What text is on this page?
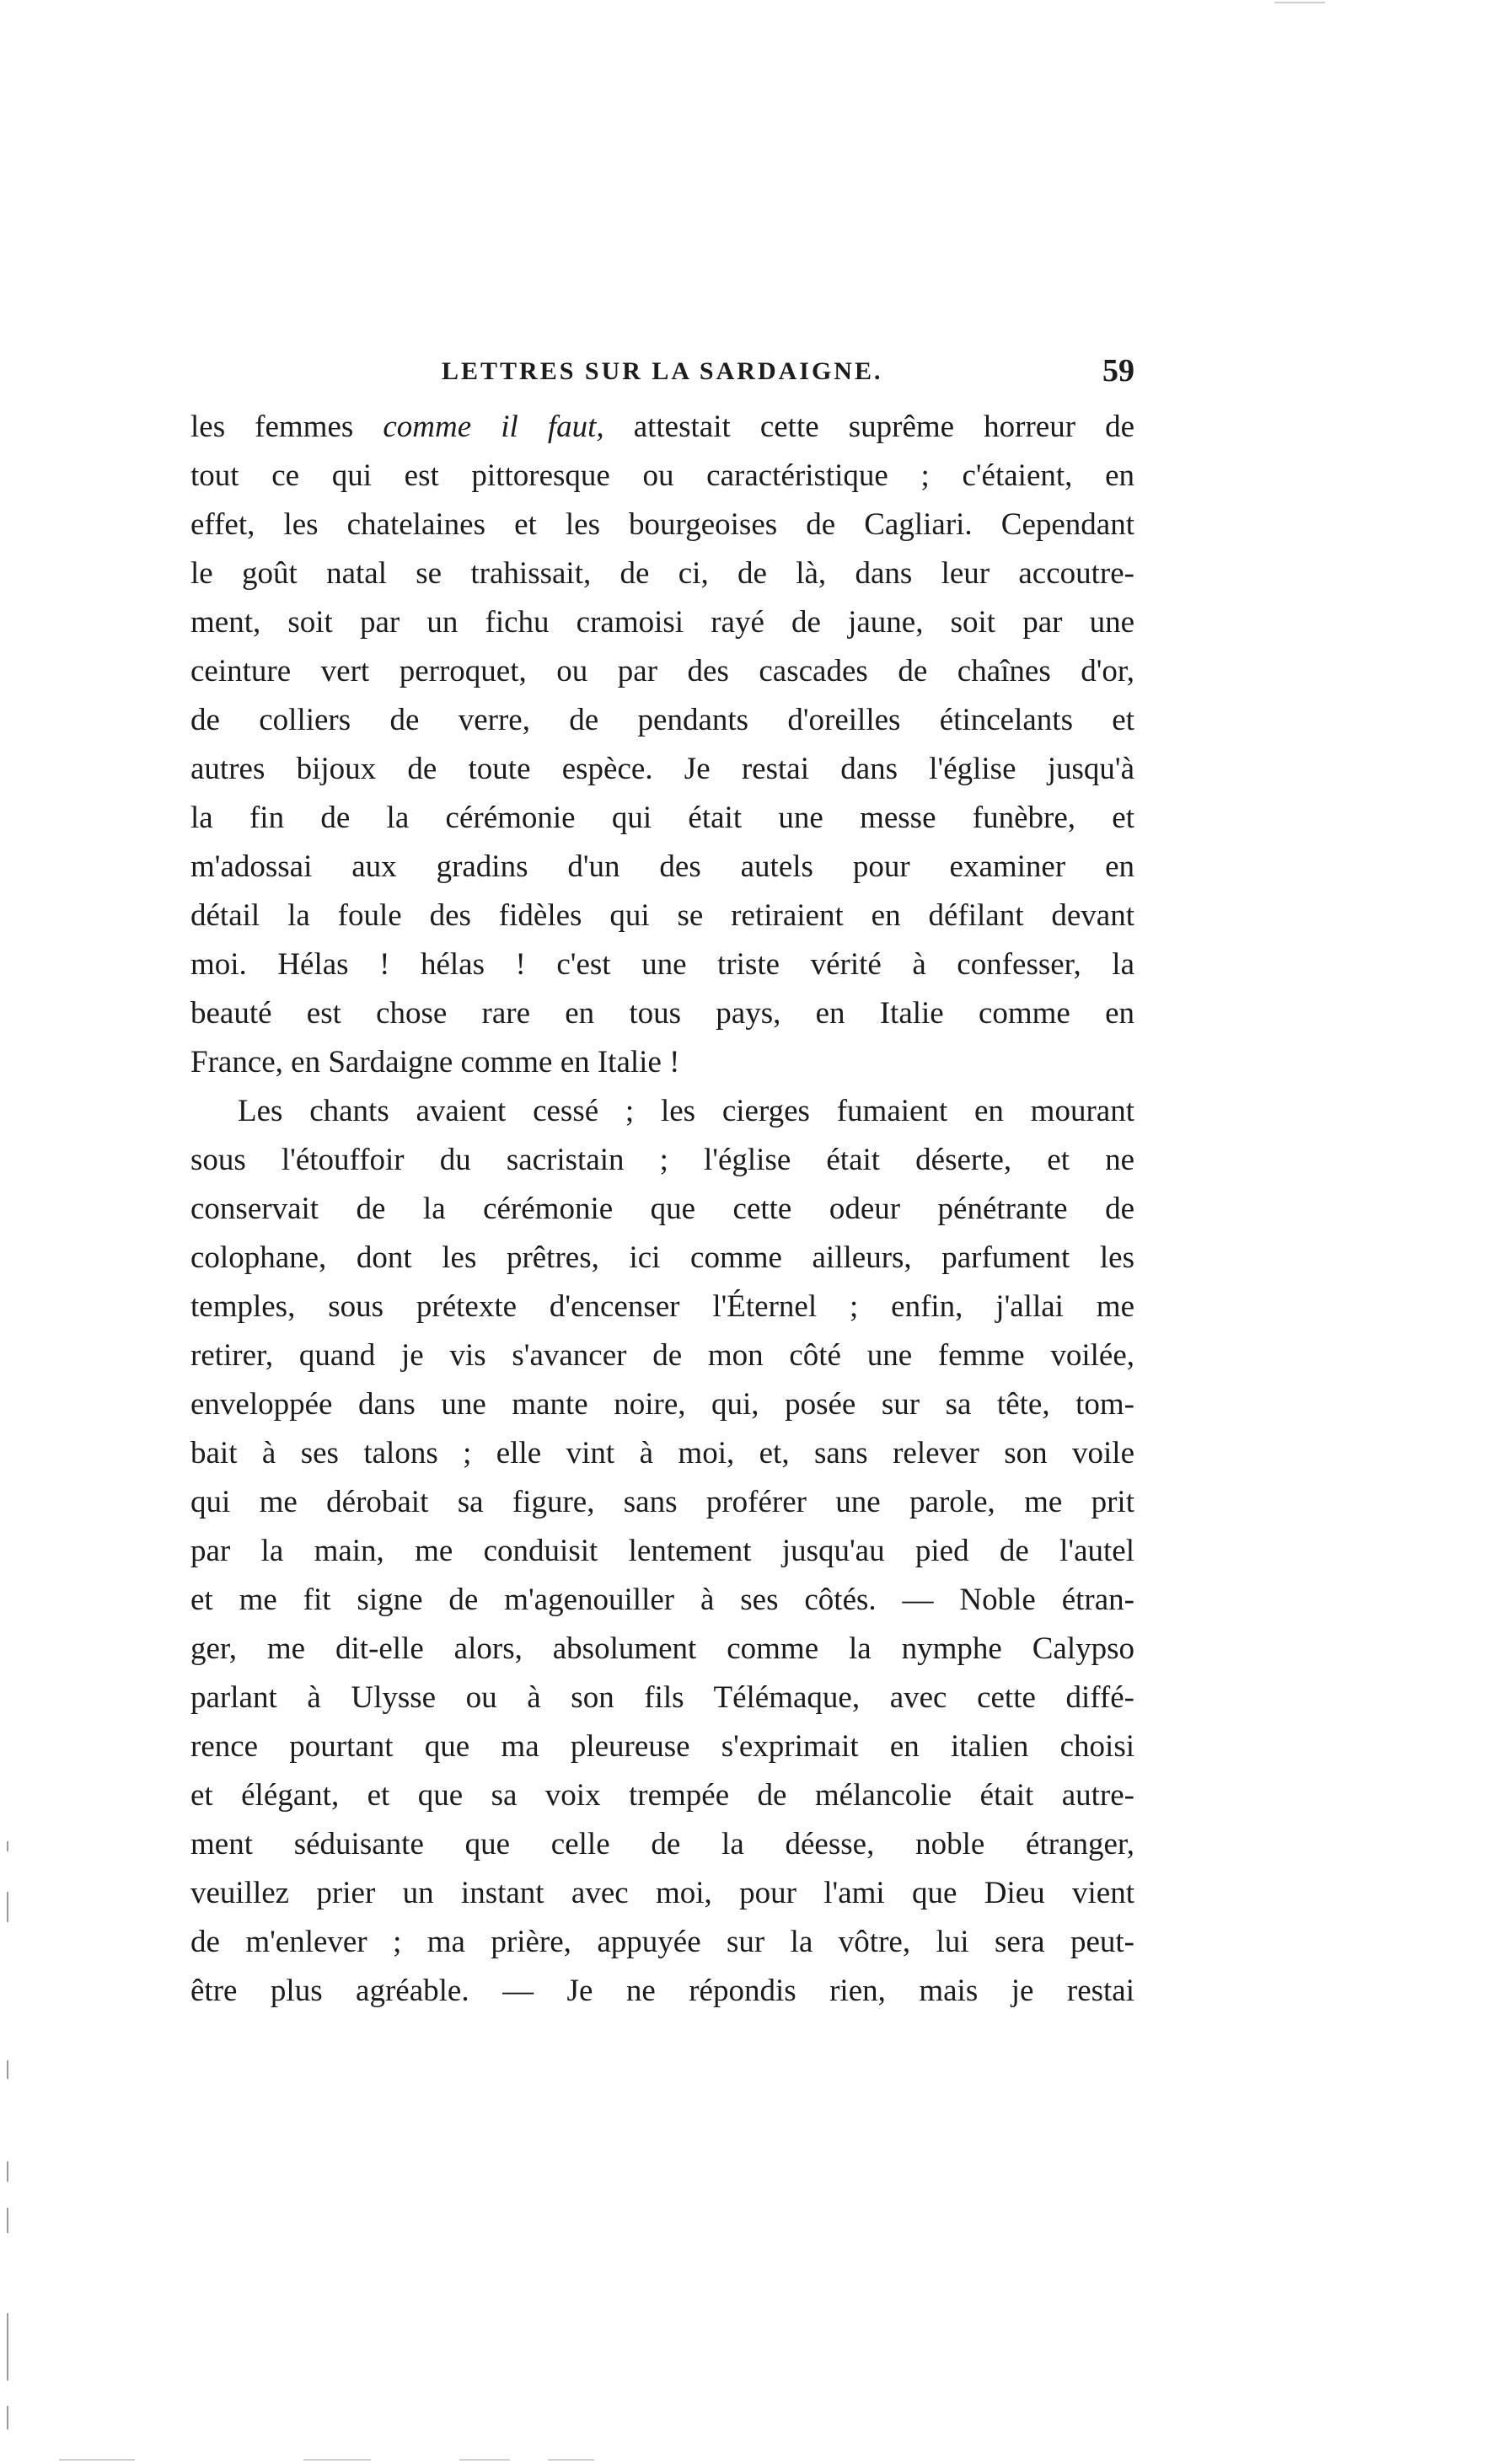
LETTRES SUR LA SARDAIGNE.	59
les femmes comme il faut, attestait cette suprême horreur de
tout ce qui est pittoresque ou caractéristique ; c'étaient, en
effet, les chatelaines et les bourgeoises de Cagliari. Cependant
le goût natal se trahissait, de ci, de là, dans leur accoutre-
ment, soit par un fichu cramoisi rayé de jaune, soit par une
ceinture vert perroquet, ou par des cascades de chaînes d'or,
de colliers de verre, de pendants d'oreilles étincelants et
autres bijoux de toute espèce. Je restai dans l'église jusqu'à
la fin de la cérémonie qui était une messe funèbre, et
m'adossai aux gradins d'un des autels pour examiner en
détail la foule des fidèles qui se retiraient en défilant devant
moi. Hélas ! hélas ! c'est une triste vérité à confesser, la
beauté est chose rare en tous pays, en Italie comme en
France, en Sardaigne comme en Italie !
Les chants avaient cessé ; les cierges fumaient en mourant
sous l'étouffoir du sacristain ; l'église était déserte, et ne
conservait de la cérémonie que cette odeur pénétrante de
colophane, dont les prêtres, ici comme ailleurs, parfument les
temples, sous prétexte d'encenser l'Éternel ; enfin, j'allai me
retirer, quand je vis s'avancer de mon côté une femme voilée,
enveloppée dans une mante noire, qui, posée sur sa tête, tom-
bait à ses talons ; elle vint à moi, et, sans relever son voile
qui me dérobait sa figure, sans proférer une parole, me prit
par la main, me conduisit lentement jusqu'au pied de l'autel
et me fit signe de m'agenouiller à ses côtés. — Noble étran-
ger, me dit-elle alors, absolument comme la nymphe Calypso
parlant à Ulysse ou à son fils Télémaque, avec cette diffé-
rence pourtant que ma pleureuse s'exprimait en italien choisi
et élégant, et que sa voix trempée de mélancolie était autre-
ment séduisante que celle de la déesse, noble étranger,
veuillez prier un instant avec moi, pour l'ami que Dieu vient
de m'enlever ; ma prière, appuyée sur la vôtre, lui sera peut-
être plus agréable. — Je ne répondis rien, mais je restai
